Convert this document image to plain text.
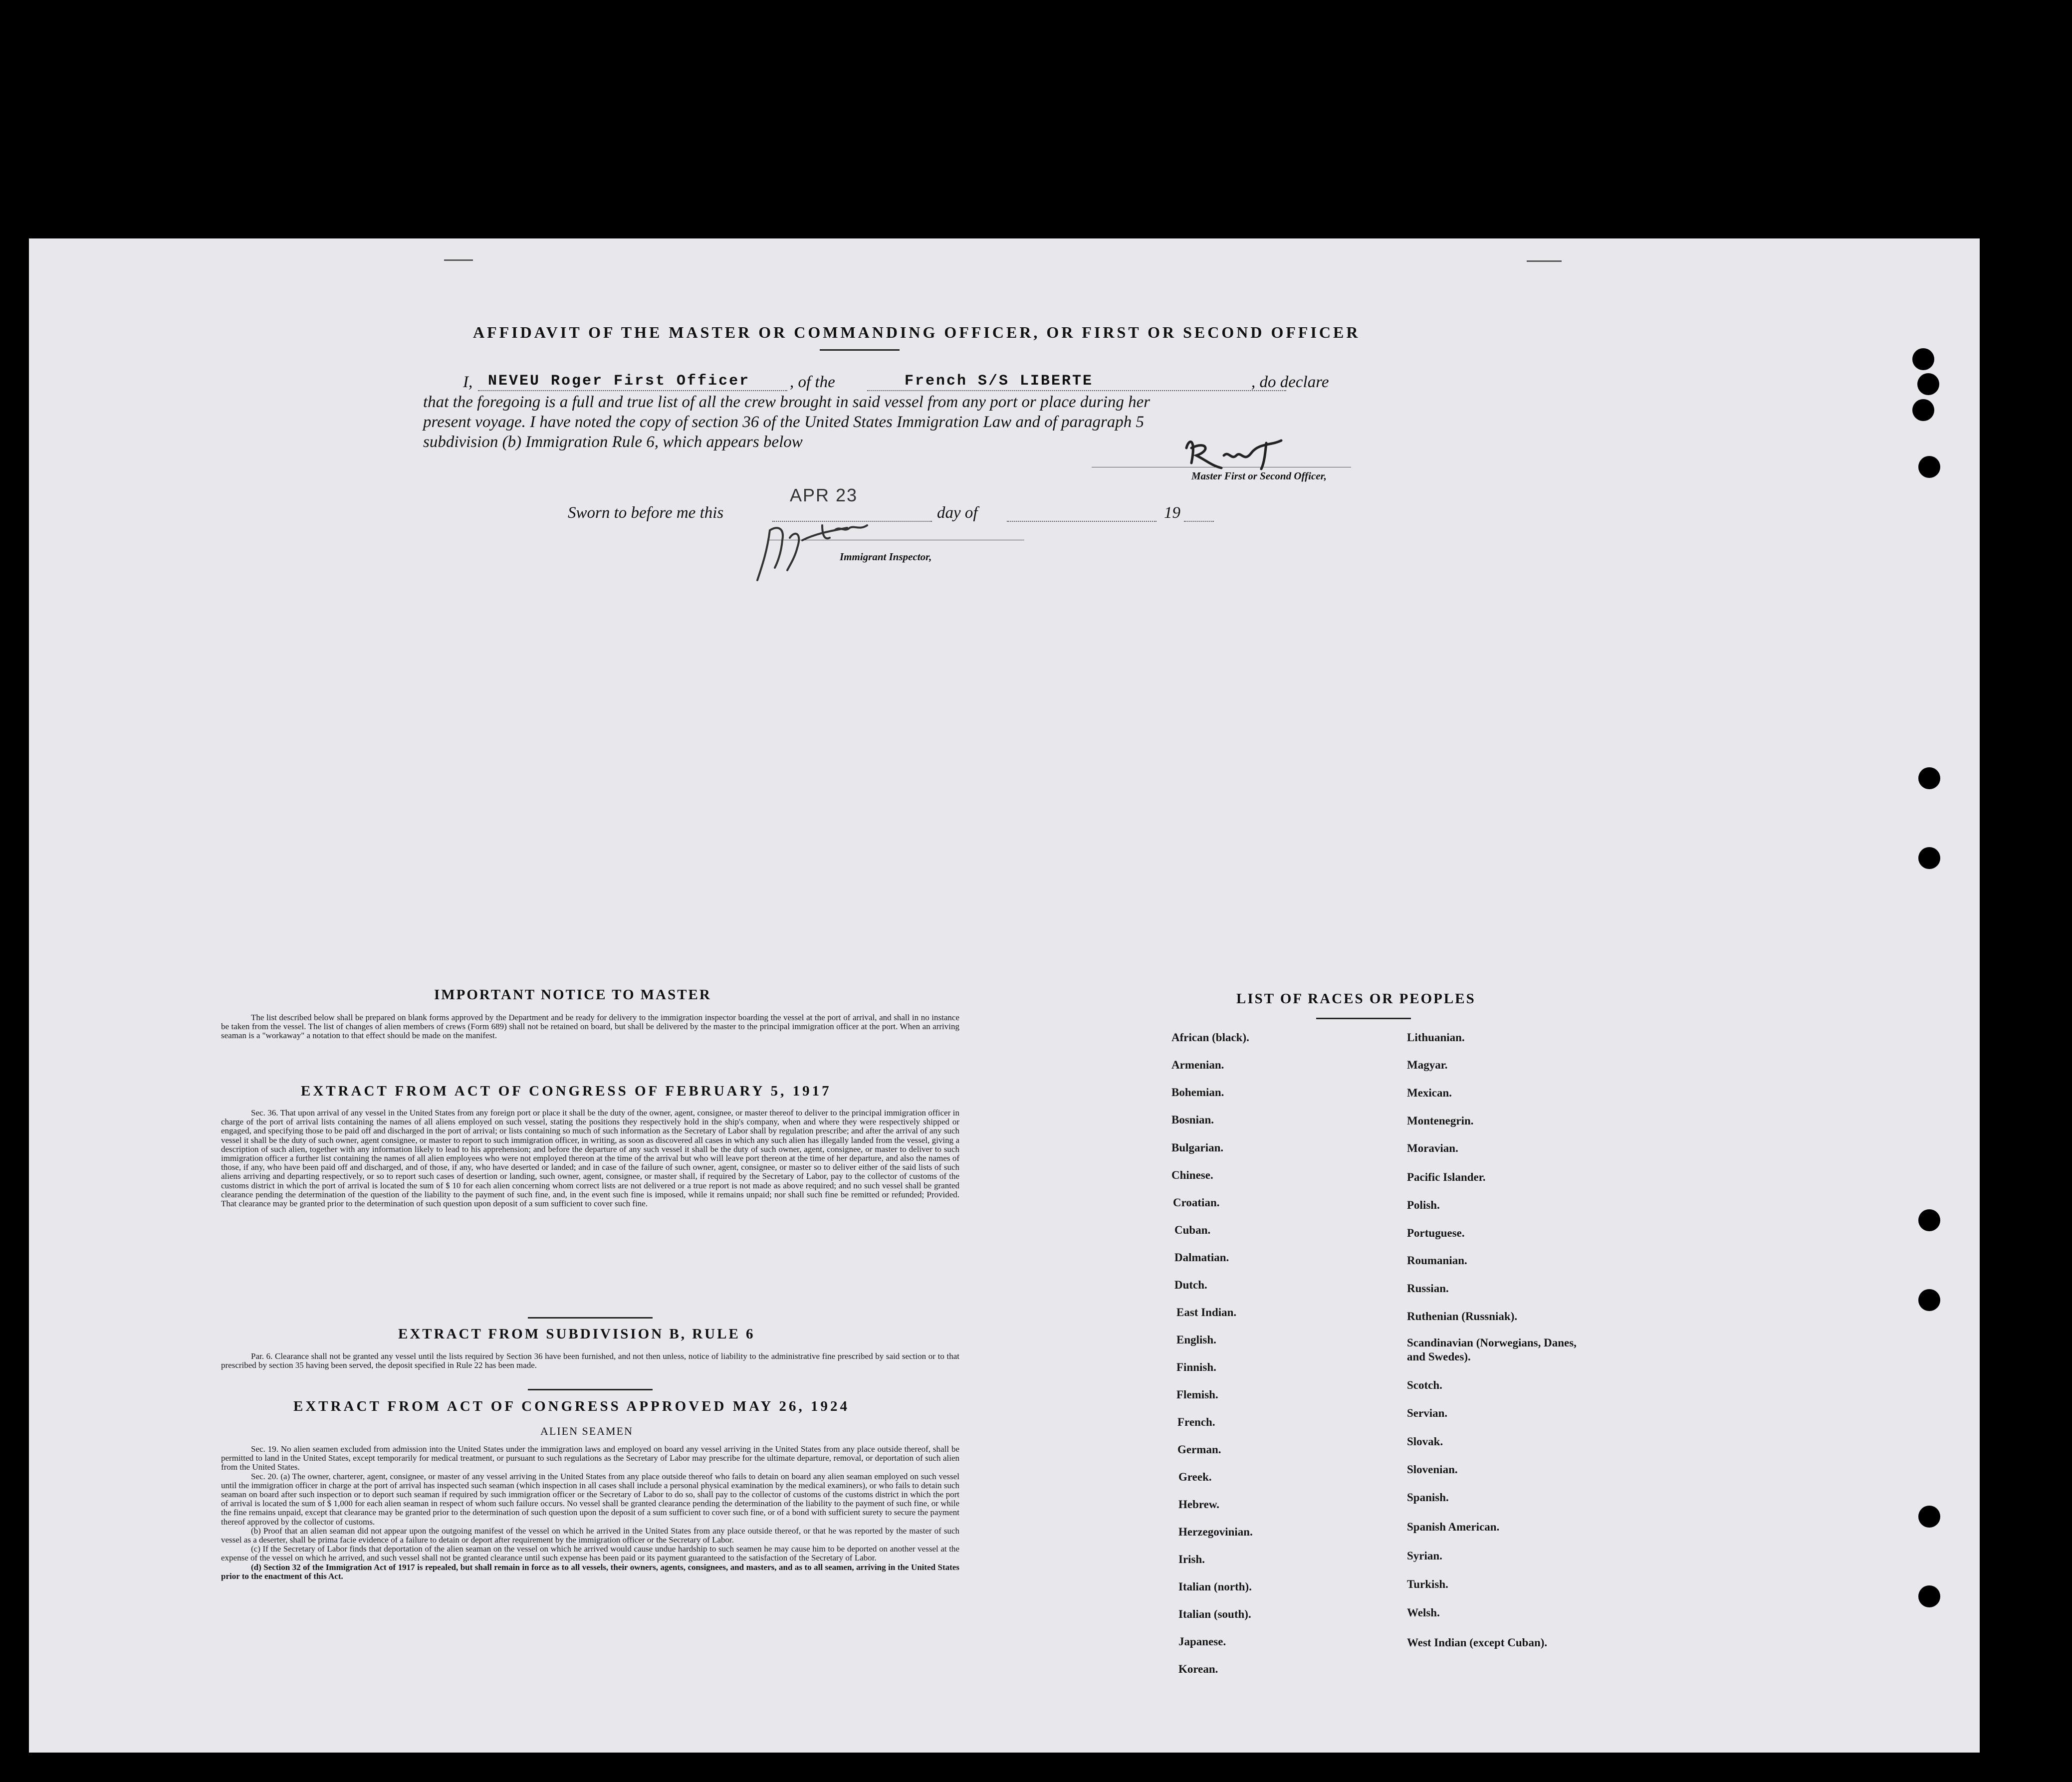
AFFIDAVIT OF THE MASTER OR COMMANDING OFFICER, OR FIRST OR SECOND OFFICER
I, NEVEU Roger First Officer , of the	French S/S LIBERTE	, do declare
that the foregoing is a full and true list of all the crew brought in said vessel from any port or place during her
present voyage. I have noted the copy of section 36 of the United States Immigration Law and of paragraph 5
subdivision (b) Immigration Rule 6, which appears below
Master First or Second Officer,
Sworn to before me this
APR 23
day of	19
Immigrant Inspector,
IMPORTANT NOTICE TO MASTER

The list described below shall be prepared on blank forms approved by the Department and be ready for delivery to the immigration inspector boarding the vessel at the port of arrival, and shall in no instance be taken from the vessel. The list of changes of alien members of crews (Form 689) shall not be retained on board, but shall be delivered by the master to the principal immigration officer at the port. When an arriving seaman is a "workaway" a notation to that effect should be made on the manifest.

EXTRACT FROM ACT OF CONGRESS OF FEBRUARY 5, 1917

Sec. 36. That upon arrival of any vessel in the United States from any foreign port or place it shall be the duty of the owner, agent, consignee, or master thereof to deliver to the principal immigration officer in charge of the port of arrival lists containing the names of all aliens employed on such vessel, stating the positions they respectively hold in the ship's company, when and where they were respectively shipped or engaged, and specifying those to be paid off and discharged in the port of arrival; or lists containing so much of such information as the Secretary of Labor shall by regulation prescribe; and after the arrival of any such vessel it shall be the duty of such owner, agent consignee, or master to report to such immigration officer, in writing, as soon as discovered all cases in which any such alien has illegally landed from the vessel, giving a description of such alien, together with any information likely to lead to his apprehension; and before the departure of any such vessel it shall be the duty of such owner, agent, consignee, or master to deliver to such immigration officer a further list containing the names of all alien employees who were not employed thereon at the time of the arrival but who will leave port thereon at the time of her departure, and also the names of those, if any, who have been paid off and discharged, and of those, if any, who have deserted or landed; and in case of the failure of such owner, agent, consignee, or master so to deliver either of the said lists of such aliens arriving and departing respectively, or so to report such cases of desertion or landing, such owner, agent, consignee, or master shall, if required by the Secretary of Labor, pay to the collector of customs of the customs district in which the port of arrival is located the sum of $ 10 for each alien concerning whom correct lists are not delivered or a true report is not made as above required; and no such vessel shall be granted clearance pending the determination of the question of the liability to the payment of such fine, and, in the event such fine is imposed, while it remains unpaid; nor shall such fine be remitted or refunded; Provided. That clearance may be granted prior to the determination of such question upon deposit of a sum sufficient to cover such fine.

EXTRACT FROM SUBDIVISION B, RULE 6

Par. 6. Clearance shall not be granted any vessel until the lists required by Section 36 have been furnished, and not then unless, notice of liability to the administrative fine prescribed by said section or to that prescribed by section 35 having been served, the deposit specified in Rule 22 has been made.

EXTRACT FROM ACT OF CONGRESS APPROVED MAY 26, 1924
ALIEN SEAMEN

Sec. 19. No alien seamen excluded from admission into the United States under the immigration laws and employed on board any vessel arriving in the United States from any place outside thereof, shall be permitted to land in the United States, except temporarily for medical treatment, or pursuant to such regulations as the Secretary of Labor may prescribe for the ultimate departure, removal, or deportation of such alien from the United States.

Sec. 20. (a) The owner, charterer, agent, consignee, or master of any vessel arriving in the United States from any place outside thereof who fails to detain on board any alien seaman employed on such vessel until the immigration officer in charge at the port of arrival has inspected such seaman (which inspection in all cases shall include a personal physical examination by the medical examiners), or who fails to detain such seaman on board after such inspection or to deport such seaman if required by such immigration officer or the Secretary of Labor to do so, shall pay to the collector of customs of the customs district in which the port of arrival is located the sum of $ 1,000 for each alien seaman in respect of whom such failure occurs. No vessel shall be granted clearance pending the determination of the liability to the payment of such fine, or while the fine remains unpaid, except that clearance may be granted prior to the determination of such question upon the deposit of a sum sufficient to cover such fine, or of a bond with sufficient surety to secure the payment thereof approved by the collector of customs.

(b) Proof that an alien seaman did not appear upon the outgoing manifest of the vessel on which he arrived in the United States from any place outside thereof, or that he was reported by the master of such vessel as a deserter, shall be prima facie evidence of a failure to detain or deport after requirement by the immigration officer or the Secretary of Labor.

(c) If the Secretary of Labor finds that deportation of the alien seaman on the vessel on which he arrived would cause undue hardship to such seamen he may cause him to be deported on another vessel at the expense of the vessel on which he arrived, and such vessel shall not be granted clearance until such expense has been paid or its payment guaranteed to the satisfaction of the Secretary of Labor.

(d) Section 32 of the Immigration Act of 1917 is repealed, but shall remain in force as to all vessels, their owners, agents, consignees, and masters, and as to all seamen, arriving in the United States prior to the enactment of this Act.

LIST OF RACES OR PEOPLES
African (black).
Armenian.
Bohemian.
Bosnian.
Bulgarian.
Chinese.
Croatian.
Cuban.
Dalmatian.
Dutch.
East Indian.
English.
Finnish.
Flemish.
French.
German.
Greek.
Hebrew.
Herzegovinian.
Irish.
Italian (north).
Italian (south).
Japanese.
Korean.
Lithuanian.
Magyar.
Mexican.
Montenegrin.
Moravian.
Pacific Islander.
Polish.
Portuguese.
Roumanian.
Russian.
Ruthenian (Russniak).
Scandinavian (Norwegians, Danes, and Swedes).
Scotch.
Servian.
Slovak.
Slovenian.
Spanish.
Spanish American.
Syrian.
Turkish.
Welsh.
West Indian (except Cuban).
